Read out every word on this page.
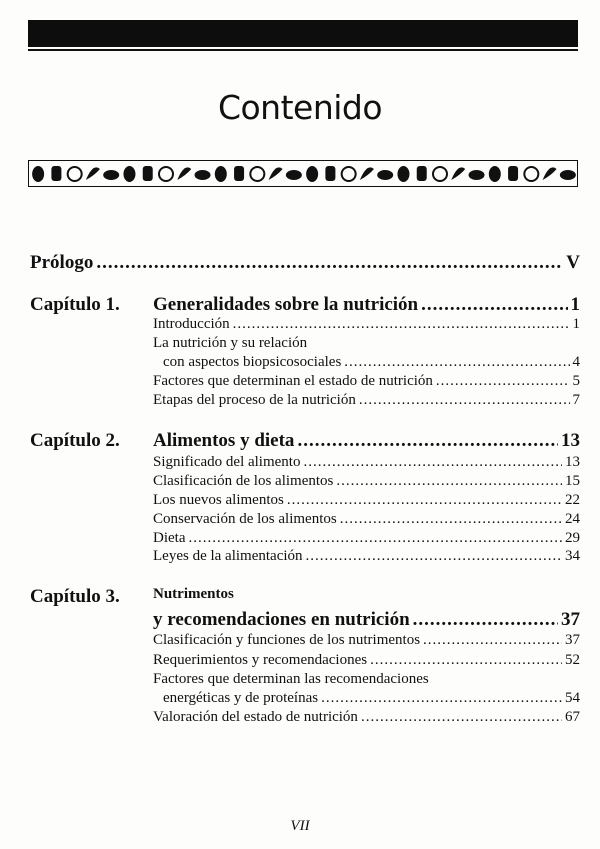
Contenido
Prólogo .....	V
Capítulo 1. Generalidades sobre la nutrición .....	1
Introducción .....	1
La nutrición y su relación
con aspectos biopsicosociales .....	4
Factores que determinan el estado de nutrición .....	5
Etapas del proceso de la nutrición .....	7
Capítulo 2. Alimentos y dieta .....	13
Significado del alimento .....	13
Clasificación de los alimentos .....	15
Los nuevos alimentos .....	22
Conservación de los alimentos .....	24
Dieta .....	29
Leyes de la alimentación .....	34
Capítulo 3. Nutrimentos
y recomendaciones en nutrición .....	37
Clasificación y funciones de los nutrimentos .....	37
Requerimientos y recomendaciones .....	52
Factores que determinan las recomendaciones
energéticas y de proteínas .....	54
Valoración del estado de nutrición .....	67
VII
